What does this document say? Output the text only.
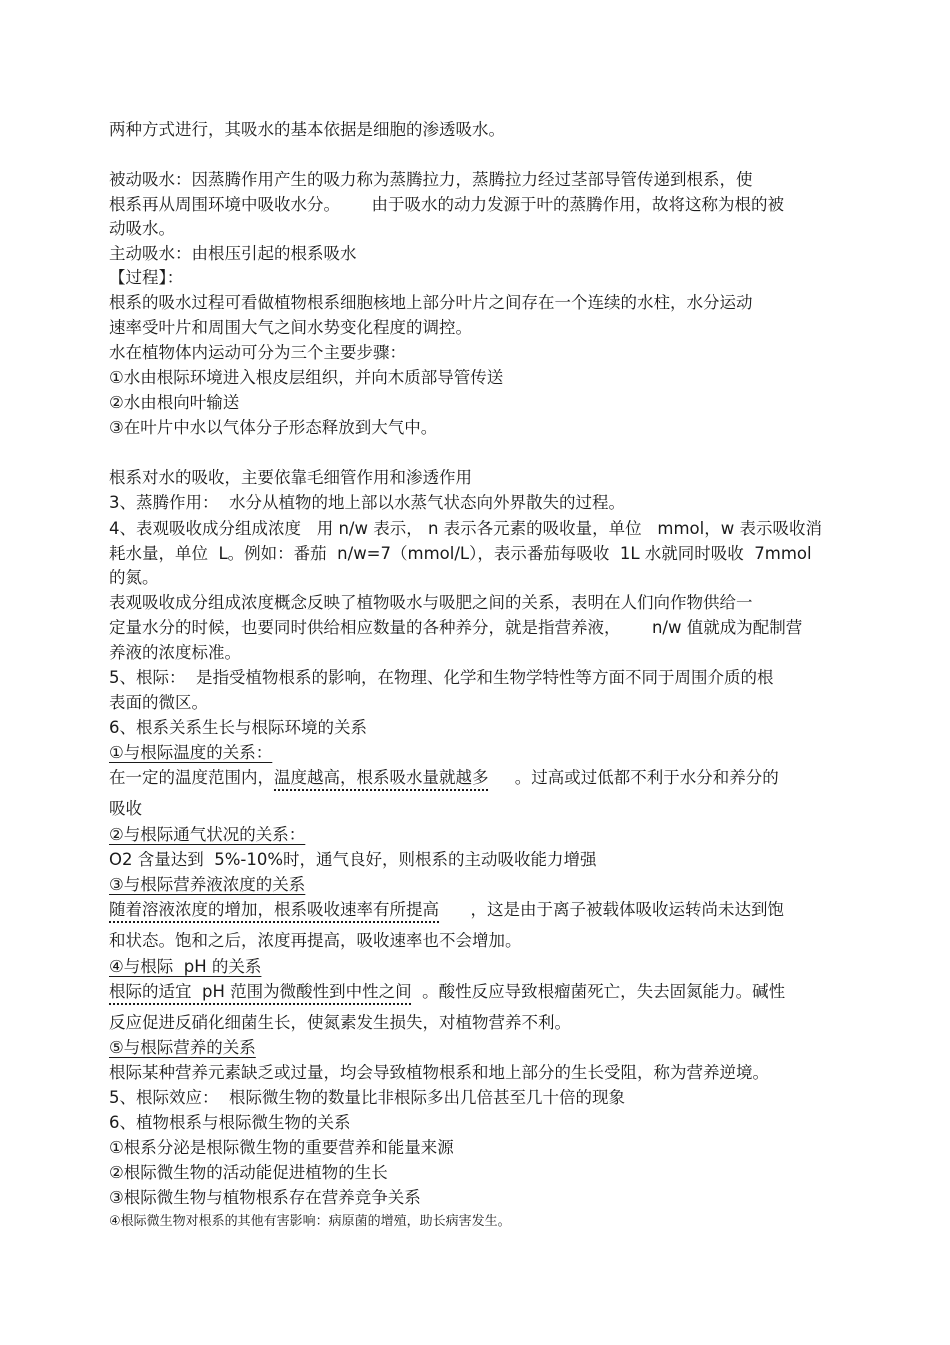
两种方式进行，其吸水的基本依据是细胞的渗透吸水。
被动吸水：因蒸腾作用产生的吸力称为蒸腾拉力，蒸腾拉力经过茎部导管传递到根系，使
根系再从周围环境中吸收水分。      由于吸水的动力发源于叶的蒸腾作用，故将这称为根的被
动吸水。
主动吸水：由根压引起的根系吸水
【过程】：
根系的吸水过程可看做植物根系细胞核地上部分叶片之间存在一个连续的水柱，水分运动
速率受叶片和周围大气之间水势变化程度的调控。
水在植物体内运动可分为三个主要步骤：
①水由根际环境进入根皮层组织，并向木质部导管传送
②水由根向叶输送
③在叶片中水以气体分子形态释放到大气中。
根系对水的吸收，主要依靠毛细管作用和渗透作用
3、蒸腾作用：  水分从植物的地上部以水蒸气状态向外界散失的过程。
4、表观吸收成分组成浓度   用 n/w 表示， n 表示各元素的吸收量，单位   mmol，w 表示吸收消
耗水量，单位  L。例如：番茄  n/w=7（mmol/L），表示番茄每吸收  1L 水就同时吸收  7mmol
的氮。
表观吸收成分组成浓度概念反映了植物吸水与吸肥之间的关系，表明在人们向作物供给一
定量水分的时候，也要同时供给相应数量的各种养分，就是指营养液，      n/w 值就成为配制营
养液的浓度标准。
5、根际：  是指受植物根系的影响，在物理、化学和生物学特性等方面不同于周围介质的根
表面的微区。
6、根系关系生长与根际环境的关系
①与根际温度的关系：
在一定的温度范围内，温度越高，根系吸水量就越多     。过高或过低都不利于水分和养分的
吸收
②与根际通气状况的关系：
O2 含量达到  5%-10%时，通气良好，则根系的主动吸收能力增强
③与根际营养液浓度的关系
随着溶液浓度的增加，根系吸收速率有所提高      ，这是由于离子被载体吸收运转尚未达到饱
和状态。饱和之后，浓度再提高，吸收速率也不会增加。
④与根际  pH 的关系
根际的适宜  pH 范围为微酸性到中性之间  。酸性反应导致根瘤菌死亡，失去固氮能力。碱性
反应促进反硝化细菌生长，使氮素发生损失，对植物营养不利。
⑤与根际营养的关系
根际某种营养元素缺乏或过量，均会导致植物根系和地上部分的生长受阻，称为营养逆境。
5、根际效应：  根际微生物的数量比非根际多出几倍甚至几十倍的现象
6、植物根系与根际微生物的关系
①根系分泌是根际微生物的重要营养和能量来源
②根际微生物的活动能促进植物的生长
③根际微生物与植物根系存在营养竞争关系
④根际微生物对根系的其他有害影响：病原菌的增殖，助长病害发生。
